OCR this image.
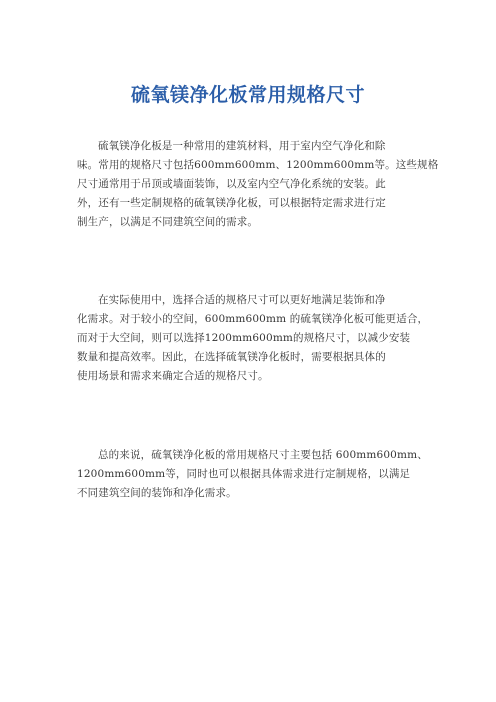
硫氧镁净化板常用规格尺寸
硫氧镁净化板是一种常用的建筑材料，用于室内空气净化和除
味。常用的规格尺寸包括600mm600mm、1200mm600mm等。这些规格
尺寸通常用于吊顶或墙面装饰，以及室内空气净化系统的安装。此
外，还有一些定制规格的硫氧镁净化板，可以根据特定需求进行定
制生产，以满足不同建筑空间的需求。
在实际使用中，选择合适的规格尺寸可以更好地满足装饰和净
化需求。对于较小的空间，600mm600mm 的硫氧镁净化板可能更适合，
而对于大空间，则可以选择1200mm600mm的规格尺寸，以减少安装
数量和提高效率。因此，在选择硫氧镁净化板时，需要根据具体的
使用场景和需求来确定合适的规格尺寸。
总的来说，硫氧镁净化板的常用规格尺寸主要包括 600mm600mm、
1200mm600mm等，同时也可以根据具体需求进行定制规格，以满足
不同建筑空间的装饰和净化需求。
